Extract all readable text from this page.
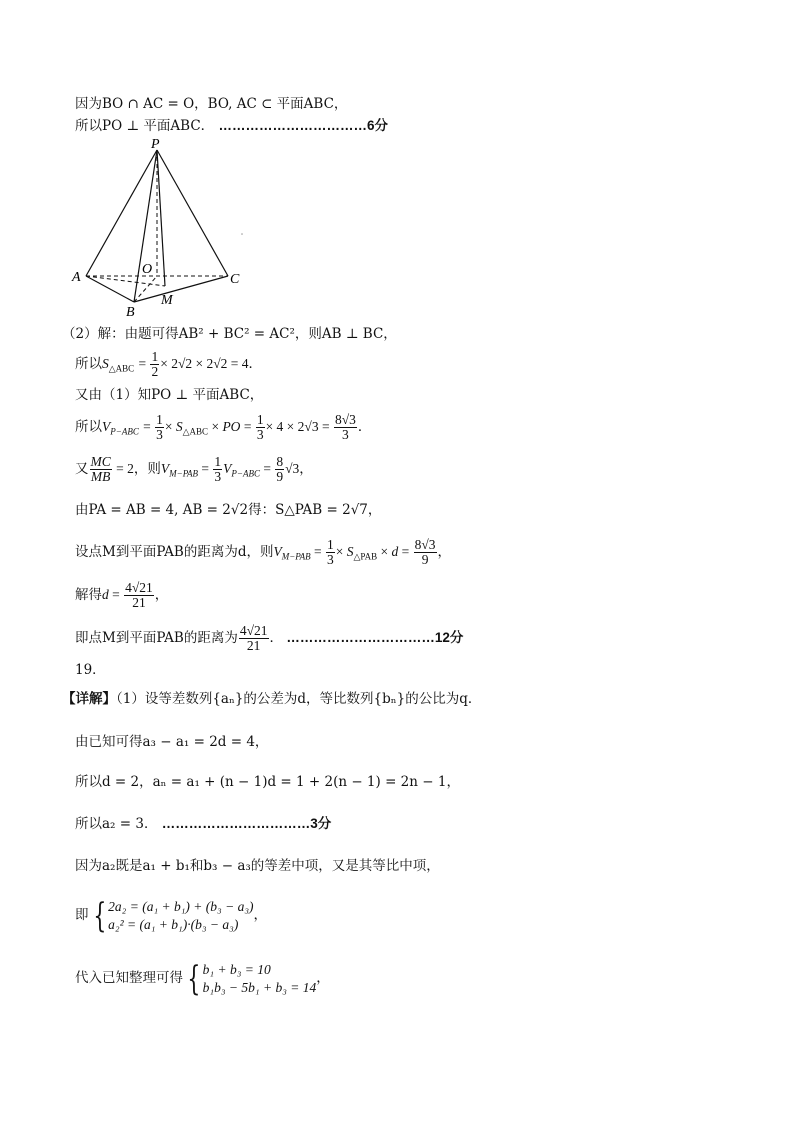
因为BO ∩ AC = O，BO, AC ⊂ 平面ABC，
所以PO ⊥ 平面ABC． ……………………………6分
P
A	C
B
O
M
（2）解：由题可得AB² + BC² = AC²，则AB ⊥ BC，
所以$S_{\triangle ABC} = \frac{1}{2} \times 2√2 \times 2√2 = 4$．
又由（1）知PO ⊥ 平面ABC，
所以$V_{P-ABC} = \frac{1}{3} \times S_{\triangle ABC}$ × PO = $\frac{1}{3} \times 4 \times 2√3 = \frac{8√3}{3}$ ．
又 $\frac{MC}{MB} = 2$，则$V_{M-PAB} = \frac{1}{3} V_{P-ABC} = \frac{8}{9} √3$，
由PA = AB = 4, AB = 2√2得：S△PAB = 2√7，
设点M到平面PAB的距离为d，则$V_{M-PAB} = \frac{1}{3} \times S_{\triangle PAB} \times d = \frac{8√3}{9}$ ，
解得$d = \frac{4√21}{21}$ ，
即点M到平面PAB的距离为 $\frac{4√21}{21}$ ． ……………………………12分
19．
【详解】（1）设等差数列{aₙ}的公差为d，等比数列{bₙ}的公比为q．
由已知可得a₃ − a₁ = 2d = 4，
所以d = 2，aₙ = a₁ + (n − 1)d = 1 + 2(n − 1) = 2n − 1，
所以a₂ = 3． ……………………………3分
因为a₂既是a₁ + b₁和b₃ − a₃的等差中项，又是其等比中项，
即 { 2a₂ = (a₁ + b₁) + (b₃ − a₃)
a₂² = (a₁ + b₁)·(b₃ − a₃)
，
代入已知整理可得 { b₁ + b₃ = 10
b₁b₃ − 5b₁ + b₃ = 14
，
